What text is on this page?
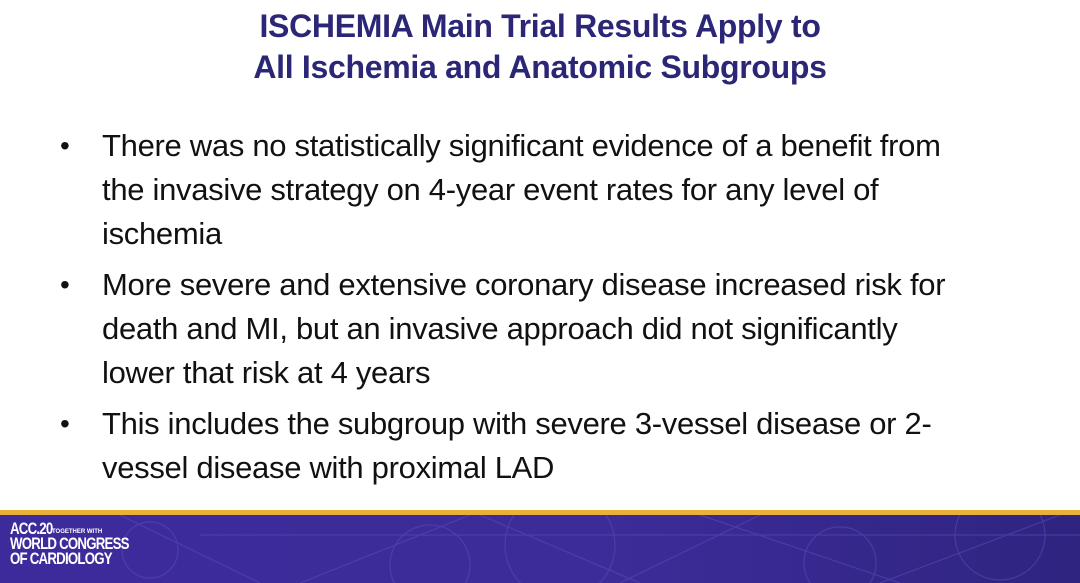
ISCHEMIA Main Trial Results Apply to
All Ischemia and Anatomic Subgroups
• There was no statistically significant evidence of a benefit from the invasive strategy on 4-year event rates for any level of ischemia
• More severe and extensive coronary disease increased risk for death and MI, but an invasive approach did not significantly lower that risk at 4 years
• This includes the subgroup with severe 3-vessel disease or 2-vessel disease with proximal LAD
ACC.20 TOGETHER WITH
WORLD CONGRESS
OF CARDIOLOGY
